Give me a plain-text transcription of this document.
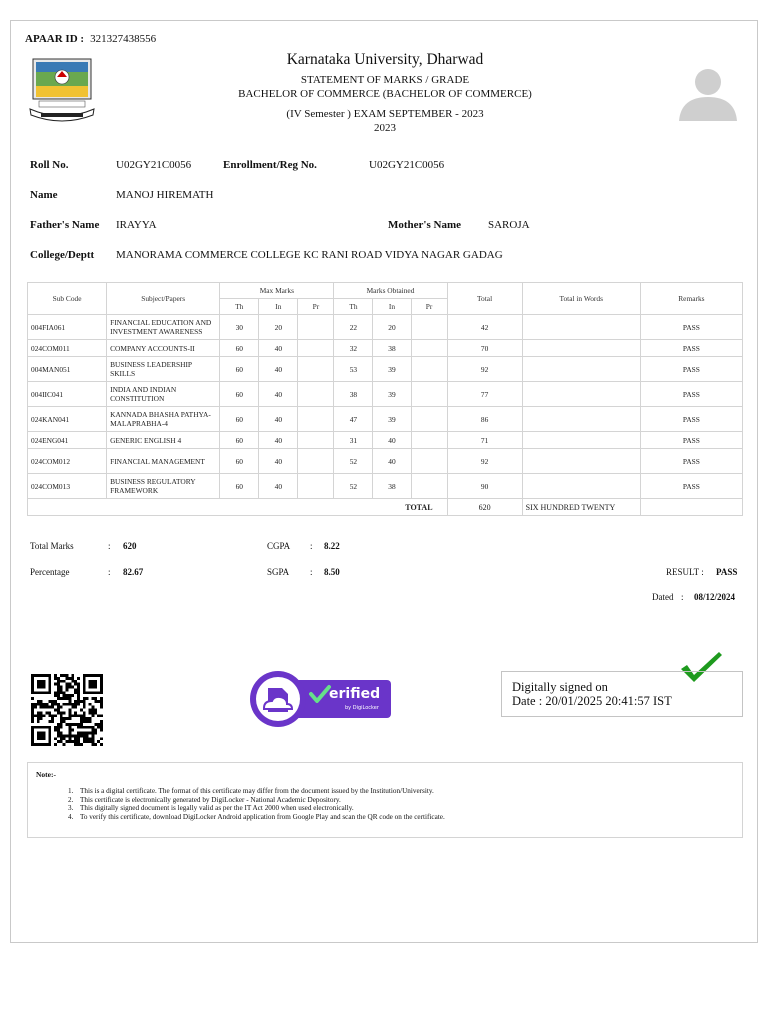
APAAR ID : 321327438556
Karnataka University, Dharwad
STATEMENT OF MARKS / GRADE
BACHELOR OF COMMERCE (BACHELOR OF COMMERCE)
(IV Semester ) EXAM SEPTEMBER - 2023
2023
Roll No.	U02GY21C0056	Enrollment/Reg No.	U02GY21C0056
Name	MANOJ HIREMATH
Father's Name IRAYYA	Mother's Name SAROJA
College/Deptt MANORAMA COMMERCE COLLEGE KC RANI ROAD VIDYA NAGAR GADAG
Sub Code	Subject/Papers	Max Marks			Marks Obtained			Total	Total in Words	Remarks
		Th	In	Pr	Th	In	Pr			
004FIA061	FINANCIAL EDUCATION AND INVESTMENT AWARENESS	30	20		22	20		42		PASS
024COM011	COMPANY ACCOUNTS-II	60	40		32	38		70		PASS
004MAN051	BUSINESS LEADERSHIP SKILLS	60	40		53	39		92		PASS
004IIC041	INDIA AND INDIAN CONSTITUTION	60	40		38	39		77		PASS
024KAN041	KANNADA BHASHA PATHYA-MALAPRABHA-4	60	40		47	39		86		PASS
024ENG041	GENERIC ENGLISH 4	60	40		31	40		71		PASS
024COM012	FINANCIAL MANAGEMENT	60	40		52	40		92		PASS
024COM013	BUSINESS REGULATORY FRAMEWORK	60	40		52	38		90		PASS
TOTAL								620	SIX HUNDRED TWENTY	
Total Marks	: 620	CGPA : 8.22
Percentage	: 82.67	SGPA : 8.50	RESULT : PASS
Dated : 08/12/2024
erified
by DigiLocker
Digitally signed on
Date : 20/01/2025 20:41:57 IST
Note:-
1. This is a digital certificate. The format of this certificate may differ from the document issued by the Institution/University.
2. This certificate is electronically generated by DigiLocker - National Academic Depository.
3. This digitally signed document is legally valid as per the IT Act 2000 when used electronically.
4. To verify this certificate, download DigiLocker Android application from Google Play and scan the QR code on the certificate.
